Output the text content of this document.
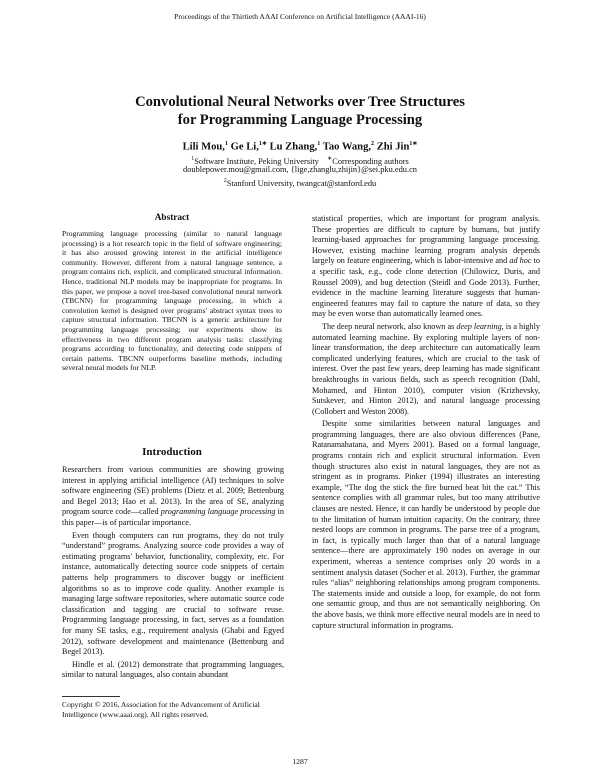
Proceedings of the Thirtieth AAAI Conference on Artificial Intelligence (AAAI-16)
Convolutional Neural Networks over Tree Structures
for Programming Language Processing
Lili Mou,$^1$ Ge Li,$^{1∗}$ Lu Zhang,$^1$ Tao Wang,$^2$ Zhi Jin$^{1∗}$
$^1$Software Institute, Peking University ∗Corresponding authors
doublepower.mou@gmail.com, {lige,zhanglu,zhijin}@sei.pku.edu.cn
$^2$Stanford University, twangcat@stanford.edu
Abstract
Programming language processing (similar to natural language processing) is a hot research topic in the field of software engineering; it has also aroused growing interest in the artificial intelligence community. However, different from a natural language sentence, a program contains rich, explicit, and complicated structural information. Hence, traditional NLP models may be inappropriate for programs. In this paper, we propose a novel tree-based convolutional neural network (TBCNN) for programming language processing, in which a convolution kernel is designed over programs' abstract syntax trees to capture structural information. TBCNN is a generic architecture for programming language processing; our experiments show its effectiveness in two different program analysis tasks: classifying programs according to functionality, and detecting code snippets of certain patterns. TBCNN outperforms baseline methods, including several neural models for NLP.
Introduction

Researchers from various communities are showing growing interest in applying artificial intelligence (AI) techniques to solve software engineering (SE) problems (Dietz et al. 2009; Bettenburg and Begel 2013; Hao et al. 2013). In the area of SE, analyzing program source code—called programming language processing in this paper—is of particular importance.

Even though computers can run programs, they do not truly “understand” programs. Analyzing source code provides a way of estimating programs' behavior, functionality, complexity, etc. For instance, automatically detecting source code snippets of certain patterns help programmers to discover buggy or inefficient algorithms so as to improve code quality. Another example is managing large software repositories, where automatic source code classification and tagging are crucial to software reuse. Programming language processing, in fact, serves as a foundation for many SE tasks, e.g., requirement analysis (Ghabi and Egyed 2012), software development and maintenance (Bettenburg and Begel 2013).

Hindle et al. (2012) demonstrate that programming languages, similar to natural languages, also contain abundant

Copyright © 2016, Association for the Advancement of Artificial Intelligence (www.aaai.org). All rights reserved.

statistical properties, which are important for program analysis. These properties are difficult to capture by humans, but justify learning-based approaches for programming language processing. However, existing machine learning program analysis depends largely on feature engineering, which is labor-intensive and ad hoc to a specific task, e.g., code clone detection (Chilowicz, Duris, and Roussel 2009), and bug detection (Steidl and Gode 2013). Further, evidence in the machine learning literature suggests that human-engineered features may fail to capture the nature of data, so they may be even worse than automatically learned ones.

The deep neural network, also known as deep learning, is a highly automated learning machine. By exploring multiple layers of non-linear transformation, the deep architecture can automatically learn complicated underlying features, which are crucial to the task of interest. Over the past few years, deep learning has made significant breakthroughs in various fields, such as speech recognition (Dahl, Mohamed, and Hinton 2010), computer vision (Krizhevsky, Sutskever, and Hinton 2012), and natural language processing (Collobert and Weston 2008).

Despite some similarities between natural languages and programming languages, there are also obvious differences (Pane, Ratanamahatana, and Myers 2001). Based on a formal language, programs contain rich and explicit structural information. Even though structures also exist in natural languages, they are not as stringent as in programs. Pinker (1994) illustrates an interesting example, “The dog the stick the fire burned beat bit the cat.” This sentence complies with all grammar rules, but too many attributive clauses are nested. Hence, it can hardly be understood by people due to the limitation of human intuition capacity. On the contrary, three nested loops are common in programs. The parse tree of a program, in fact, is typically much larger than that of a natural language sentence—there are approximately 190 nodes on average in our experiment, whereas a sentence comprises only 20 words in a sentiment analysis dataset (Socher et al. 2013). Further, the grammar rules “alias” neighboring relationships among program components. The statements inside and outside a loop, for example, do not form one semantic group, and thus are not semantically neighboring. On the above basis, we think more effective neural models are in need to capture structural information in programs.

1287
